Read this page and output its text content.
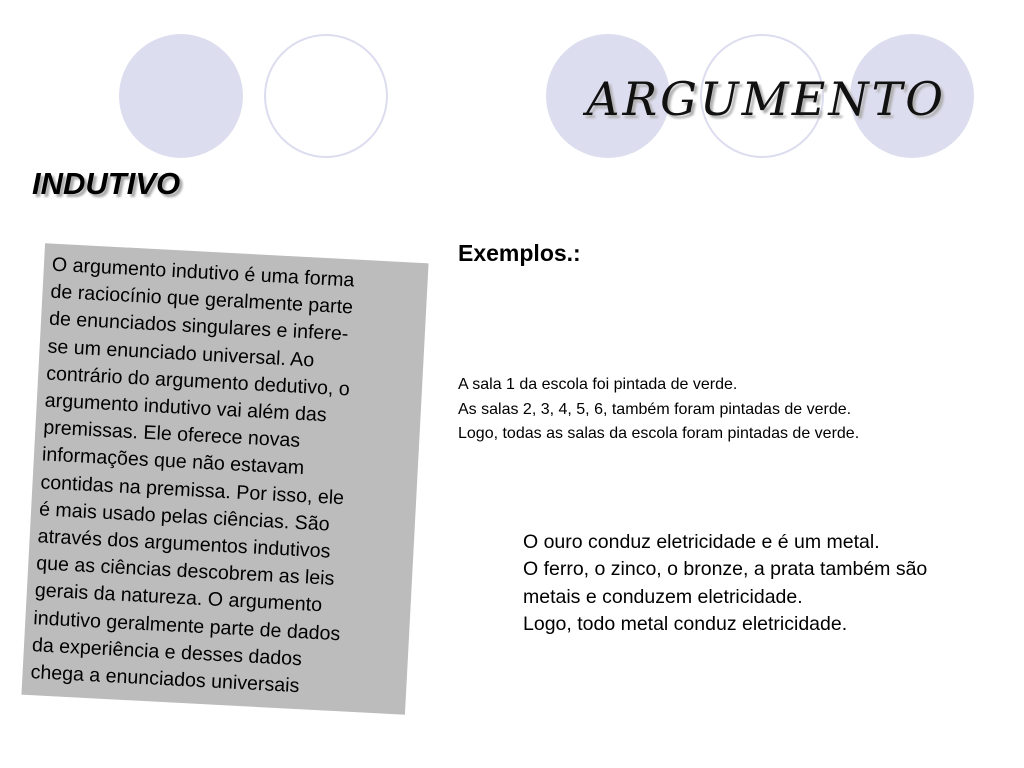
ARGUMENTO
INDUTIVO
O argumento indutivo é uma forma
de raciocínio que geralmente parte
de enunciados singulares e infere-
se um enunciado universal. Ao
contrário do argumento dedutivo, o
argumento indutivo vai além das
premissas. Ele oferece novas
informações que não estavam
contidas na premissa. Por isso, ele
é mais usado pelas ciências. São
através dos argumentos indutivos
que as ciências descobrem as leis
gerais da natureza. O argumento
indutivo geralmente parte de dados
da experiência e desses dados
chega a enunciados universais
Exemplos.:
A sala 1 da escola foi pintada de verde.
As salas 2, 3, 4, 5, 6, também foram pintadas de verde.
Logo, todas as salas da escola foram pintadas de verde.
O ouro conduz eletricidade e é um metal.
O ferro, o zinco, o bronze, a prata também são
metais e conduzem eletricidade.
Logo, todo metal conduz eletricidade.
